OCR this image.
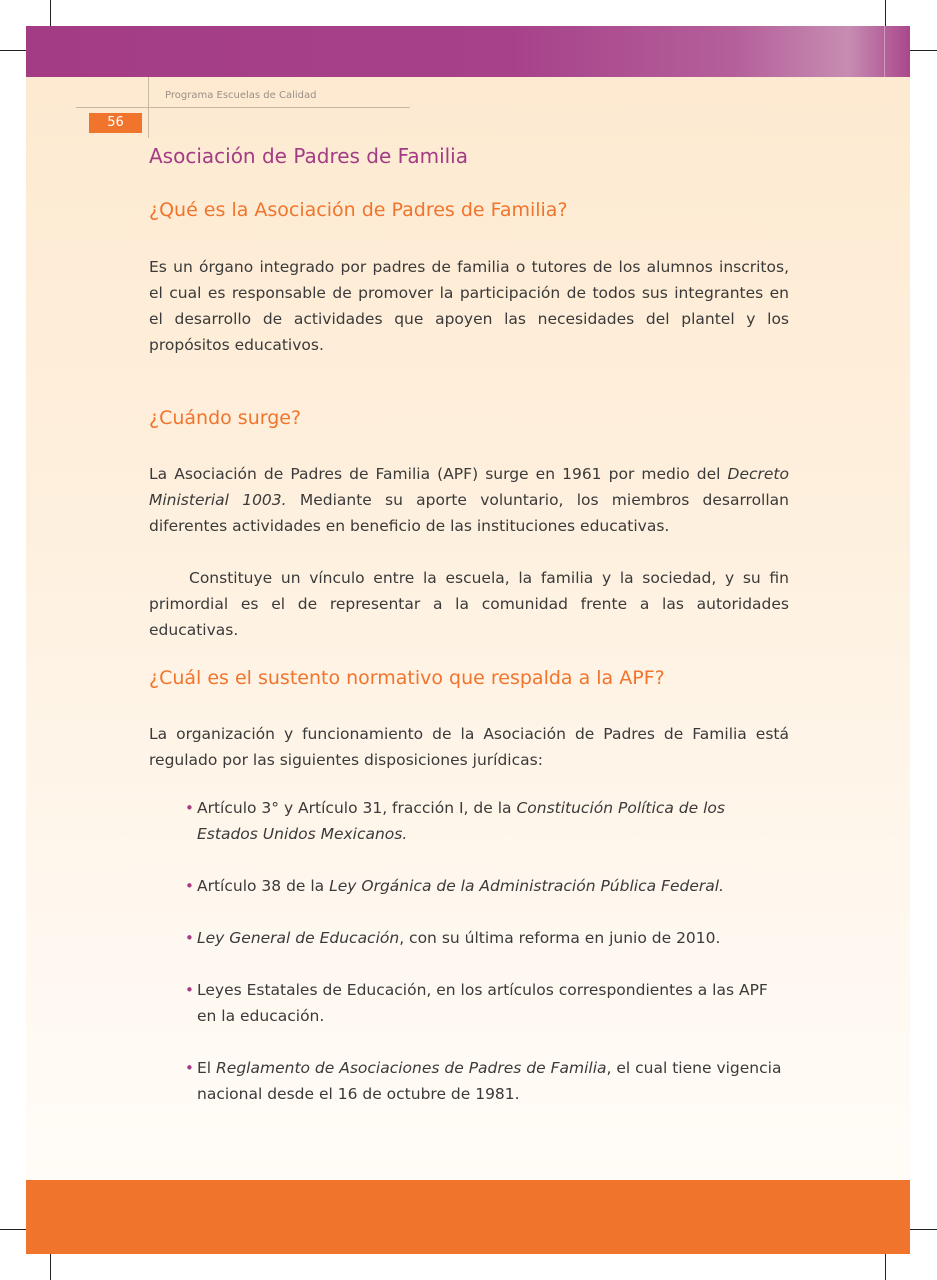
Programa Escuelas de Calidad
56
Asociación de Padres de Familia
¿Qué es la Asociación de Padres de Familia?

Es un órgano integrado por padres de familia o tutores de los alumnos inscritos, el cual es responsable de promover la participación de todos sus integrantes en el desarrollo de actividades que apoyen las necesidades del plantel y los propósitos educativos.

¿Cuándo surge?

La Asociación de Padres de Familia (APF) surge en 1961 por medio del Decreto Ministerial 1003. Mediante su aporte voluntario, los miembros desarrollan diferentes actividades en beneficio de las instituciones educativas.

Constituye un vínculo entre la escuela, la familia y la sociedad, y su fin primordial es el de representar a la comunidad frente a las autoridades educativas.

¿Cuál es el sustento normativo que respalda a la APF?

La organización y funcionamiento de la Asociación de Padres de Familia está regulado por las siguientes disposiciones jurídicas:

• Artículo 3° y Artículo 31, fracción I, de la Constitución Política de los Estados Unidos Mexicanos.
• Artículo 38 de la Ley Orgánica de la Administración Pública Federal.
• Ley General de Educación, con su última reforma en junio de 2010.
• Leyes Estatales de Educación, en los artículos correspondientes a las APF en la educación.
• El Reglamento de Asociaciones de Padres de Familia, el cual tiene vigencia nacional desde el 16 de octubre de 1981.
